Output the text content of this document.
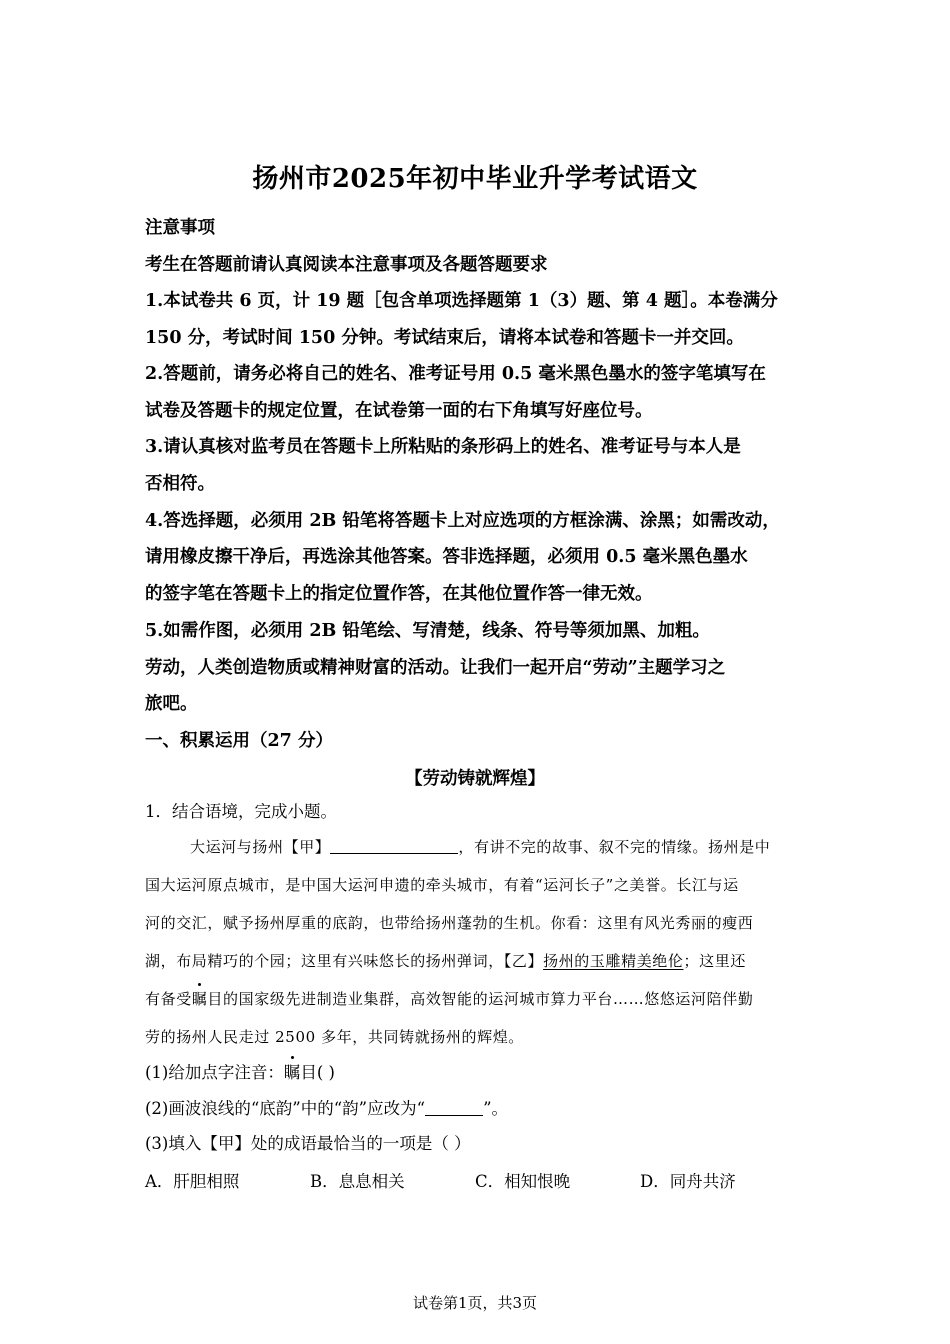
扬州市2025年初中毕业升学考试语文
注意事项
考生在答题前请认真阅读本注意事项及各题答题要求
1.本试卷共 6 页，计 19 题［包含单项选择题第 1（3）题、第 4 题］。本卷满分
150 分，考试时间 150 分钟。考试结束后，请将本试卷和答题卡一并交回。
2.答题前，请务必将自己的姓名、准考证号用 0.5 毫米黑色墨水的签字笔填写在
试卷及答题卡的规定位置，在试卷第一面的右下角填写好座位号。
3.请认真核对监考员在答题卡上所粘贴的条形码上的姓名、准考证号与本人是
否相符。
4.答选择题，必须用 2B 铅笔将答题卡上对应选项的方框涂满、涂黑；如需改动，
请用橡皮擦干净后，再选涂其他答案。答非选择题，必须用 0.5 毫米黑色墨水
的签字笔在答题卡上的指定位置作答，在其他位置作答一律无效。
5.如需作图，必须用 2B 铅笔绘、写清楚，线条、符号等须加黑、加粗。
劳动，人类创造物质或精神财富的活动。让我们一起开启“劳动”主题学习之
旅吧。
一、积累运用（27 分）
【劳动铸就辉煌】
1．结合语境，完成小题。
大运河与扬州【甲】	，有讲不完的故事、叙不完的情缘。扬州是中
国大运河原点城市，是中国大运河申遗的牵头城市，有着“运河长子”之美誉。长江与运
河的交汇，赋予扬州厚重的底韵，也带给扬州蓬勃的生机。你看：这里有风光秀丽的瘦西
湖，布局精巧的个园；这里有兴味悠长的扬州弹词，【乙】扬州的玉雕精美绝伦；这里还
有备受瞩目的国家级先进制造业集群，高效智能的运河城市算力平台……悠悠运河陪伴勤
劳的扬州人民走过 2500 多年，共同铸就扬州的辉煌。
(1)给加点字注音：瞩目( )
(2)画波浪线的“底韵”中的“韵”应改为“	”。
(3)填入【甲】处的成语最恰当的一项是（ ）
A．肝胆相照	B．息息相关	C．相知恨晚	D．同舟共济
试卷第1页，共3页
